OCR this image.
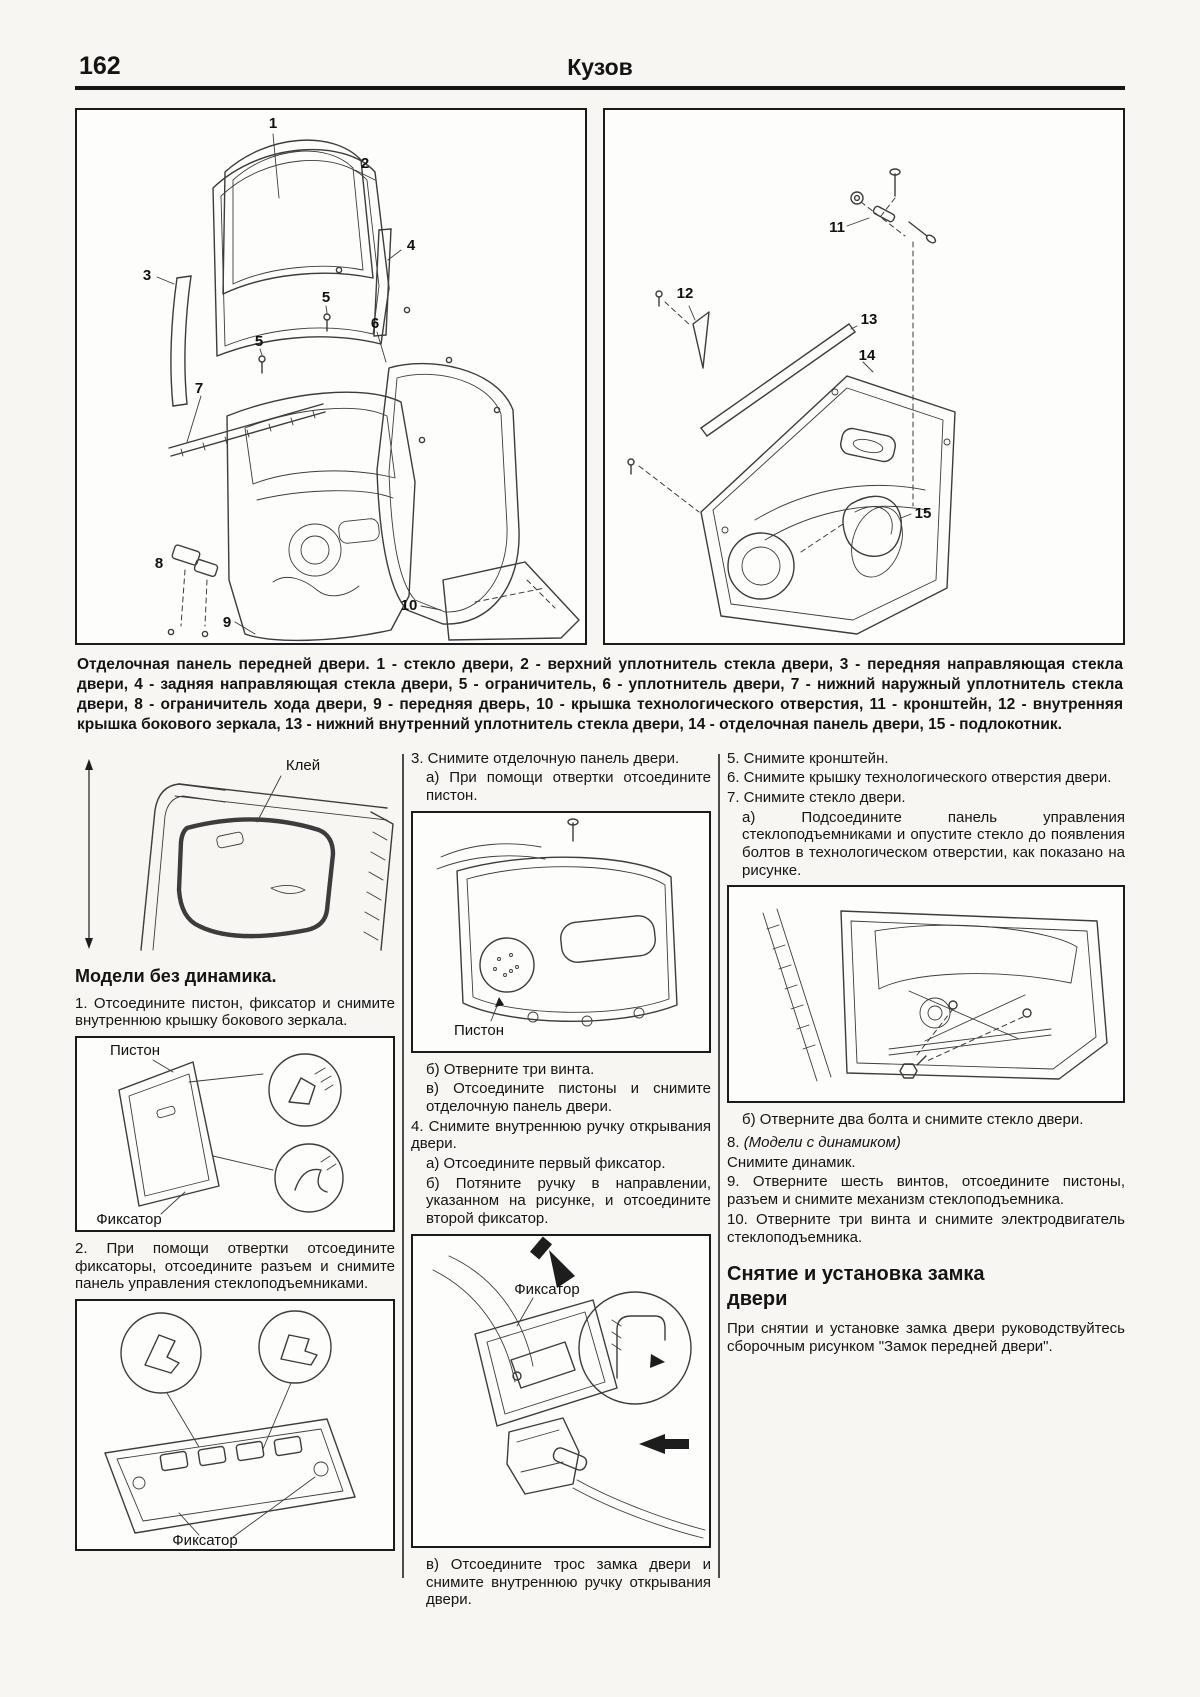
162	Кузов
1
2
3
4
5
5
6
7
8
9
10
11
12
13
14
15

Отделочная панель передней двери. 1 - стекло двери, 2 - верхний уплотнитель стекла двери, 3 - передняя направляющая стекла двери, 4 - задняя направляющая стекла двери, 5 - ограничитель, 6 - уплотнитель двери, 7 - нижний наружный уплотнитель стекла двери, 8 - ограничитель хода двери, 9 - передняя дверь, 10 - крышка технологического отверстия, 11 - кронштейн, 12 - внутренняя крышка бокового зеркала, 13 - нижний внутренний уплотнитель стекла двери, 14 - отделочная панель двери, 15 - подлокотник.

Клей
Модели без динамика.

1. Отсоедините пистон, фиксатор и снимите внутреннюю крышку бокового зеркала.

Пистон
Фиксатор

2. При помощи отвертки отсоедините фиксаторы, отсоедините разъем и снимите панель управления стеклоподъемниками.

Фиксатор

3. Снимите отделочную панель двери.

а) При помощи отвертки отсоедините пистон.

Пистон

б) Отверните три винта.

в) Отсоедините пистоны и снимите отделочную панель двери.

4. Снимите внутреннюю ручку открывания двери.

а) Отсоедините первый фиксатор.

б) Потяните ручку в направлении, указанном на рисунке, и отсоедините второй фиксатор.

Фиксатор

в) Отсоедините трос замка двери и снимите внутреннюю ручку открывания двери.

5. Снимите кронштейн.

6. Снимите крышку технологического отверстия двери.

7. Снимите стекло двери.

а) Подсоедините панель управления стеклоподъемниками и опустите стекло до появления болтов в технологическом отверстии, как показано на рисунке.

б) Отверните два болта и снимите стекло двери.

8. (Модели с динамиком)

Снимите динамик.

9. Отверните шесть винтов, отсоедините пистоны, разъем и снимите механизм стеклоподъемника.

10. Отверните три винта и снимите электродвигатель стеклоподъемника.

Снятие и установка замка двери

При снятии и установке замка двери руководствуйтесь сборочным рисунком "Замок передней двери".
